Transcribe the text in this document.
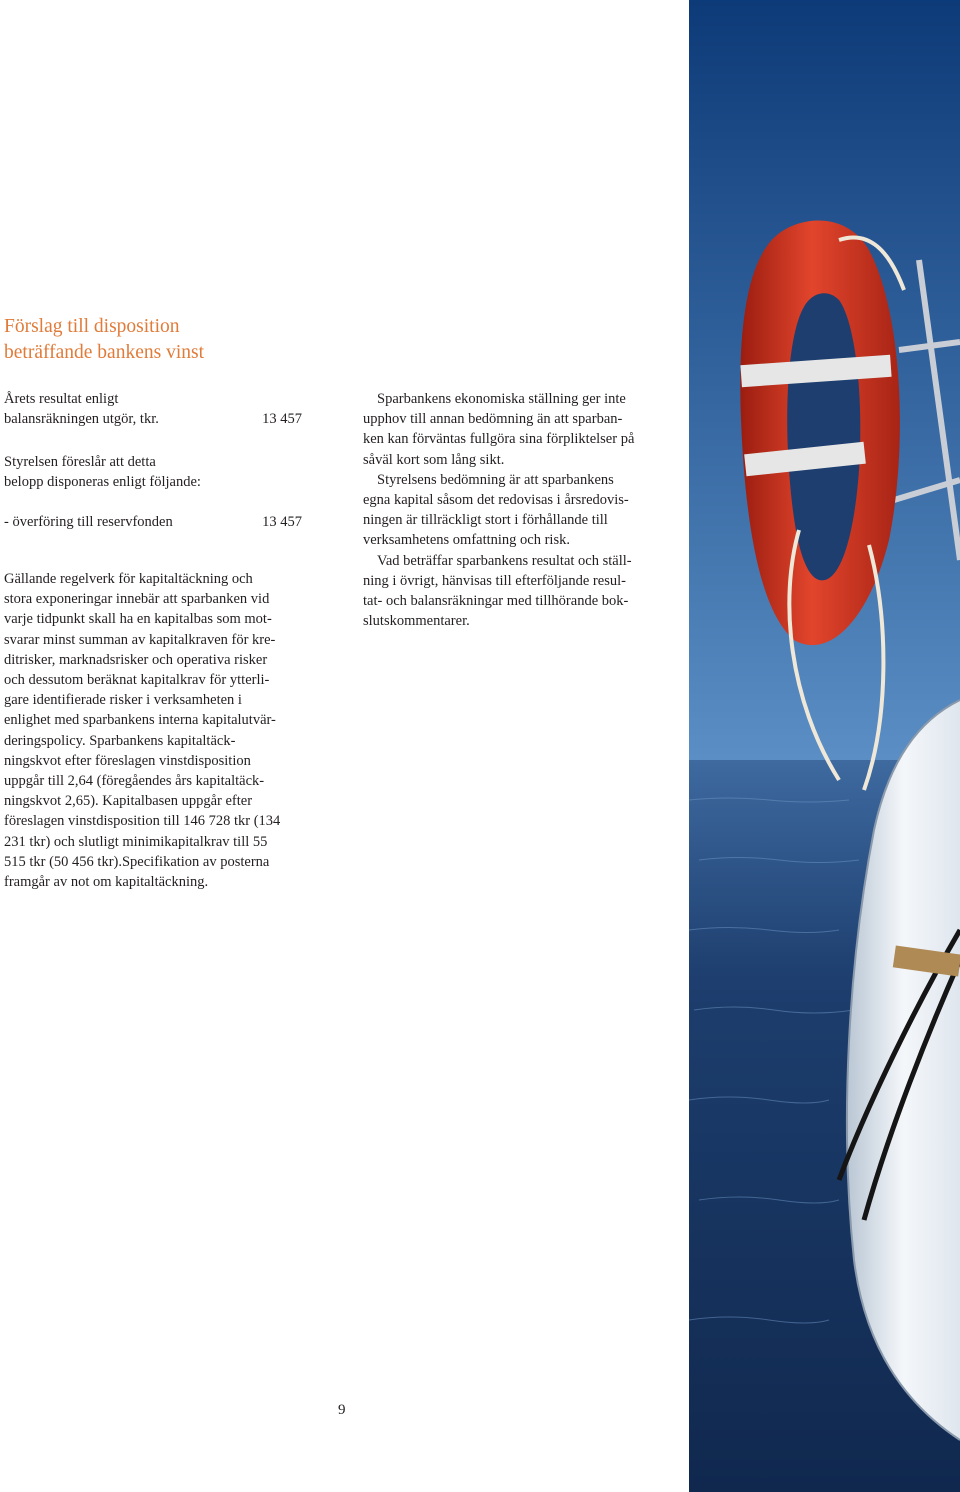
Förslag till disposition
beträffande bankens vinst
Årets resultat enligt
balansräkningen utgör, tkr.	13 457
Styrelsen föreslår att detta
belopp disponeras enligt följande:
- överföring till reservfonden	13 457
Gällande regelverk för kapitaltäckning och
stora exponeringar innebär att sparbanken vid
varje tidpunkt skall ha en kapitalbas som mot-
svarar minst summan av kapitalkraven för kre-
ditrisker, marknadsrisker och operativa risker
och dessutom beräknat kapitalkrav för ytterli-
gare identifierade risker i verksamheten i
enlighet med sparbankens interna kapitalutvär-
deringspolicy. Sparbankens kapitaltäck-
ningskvot efter föreslagen vinstdisposition
uppgår till 2,64 (föregåendes års kapitaltäck-
ningskvot 2,65). Kapitalbasen uppgår efter
föreslagen vinstdisposition till 146 728 tkr (134
231 tkr) och slutligt minimikapitalkrav till 55
515 tkr (50 456 tkr).Specifikation av posterna
framgår av not om kapitaltäckning.
Sparbankens ekonomiska ställning ger inte
upphov till annan bedömning än att sparban-
ken kan förväntas fullgöra sina förpliktelser på
såväl kort som lång sikt.
Styrelsens bedömning är att sparbankens
egna kapital såsom det redovisas i årsredovis-
ningen är tillräckligt stort i förhållande till
verksamhetens omfattning och risk.
Vad beträffar sparbankens resultat och ställ-
ning i övrigt, hänvisas till efterföljande resul-
tat- och balansräkningar med tillhörande bok-
slutskommentarer.
9
